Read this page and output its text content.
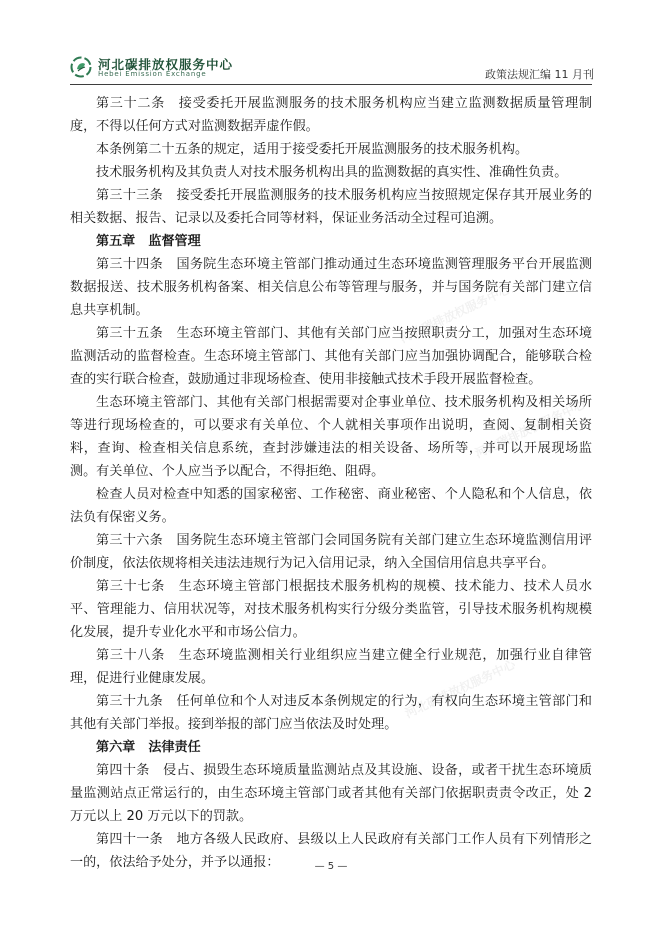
河北碳排放权服务中心
Hebei Emission Exchange	政策法规汇编 11 月刊
河北碳排放权服务中心
河北碳排放权服务中心
河北碳排放权服务中心

第三十二条　接受委托开展监测服务的技术服务机构应当建立监测数据质量管理制度，不得以任何方式对监测数据弄虚作假。

本条例第二十五条的规定，适用于接受委托开展监测服务的技术服务机构。

技术服务机构及其负责人对技术服务机构出具的监测数据的真实性、准确性负责。

第三十三条　接受委托开展监测服务的技术服务机构应当按照规定保存其开展业务的相关数据、报告、记录以及委托合同等材料，保证业务活动全过程可追溯。

第五章　监督管理

第三十四条　国务院生态环境主管部门推动通过生态环境监测管理服务平台开展监测数据报送、技术服务机构备案、相关信息公布等管理与服务，并与国务院有关部门建立信息共享机制。

第三十五条　生态环境主管部门、其他有关部门应当按照职责分工，加强对生态环境监测活动的监督检查。生态环境主管部门、其他有关部门应当加强协调配合，能够联合检查的实行联合检查，鼓励通过非现场检查、使用非接触式技术手段开展监督检查。

生态环境主管部门、其他有关部门根据需要对企事业单位、技术服务机构及相关场所等进行现场检查的，可以要求有关单位、个人就相关事项作出说明，查阅、复制相关资料，查询、检查相关信息系统，查封涉嫌违法的相关设备、场所等，并可以开展现场监测。有关单位、个人应当予以配合，不得拒绝、阻碍。

检查人员对检查中知悉的国家秘密、工作秘密、商业秘密、个人隐私和个人信息，依法负有保密义务。

第三十六条　国务院生态环境主管部门会同国务院有关部门建立生态环境监测信用评价制度，依法依规将相关违法违规行为记入信用记录，纳入全国信用信息共享平台。

第三十七条　生态环境主管部门根据技术服务机构的规模、技术能力、技术人员水平、管理能力、信用状况等，对技术服务机构实行分级分类监管，引导技术服务机构规模化发展，提升专业化水平和市场公信力。

第三十八条　生态环境监测相关行业组织应当建立健全行业规范，加强行业自律管理，促进行业健康发展。

第三十九条　任何单位和个人对违反本条例规定的行为，有权向生态环境主管部门和其他有关部门举报。接到举报的部门应当依法及时处理。

第六章　法律责任

第四十条　侵占、损毁生态环境质量监测站点及其设施、设备，或者干扰生态环境质量监测站点正常运行的，由生态环境主管部门或者其他有关部门依据职责责令改正，处 2 万元以上 20 万元以下的罚款。

第四十一条　地方各级人民政府、县级以上人民政府有关部门工作人员有下列情形之一的，依法给予处分，并予以通报：	— 5 —
